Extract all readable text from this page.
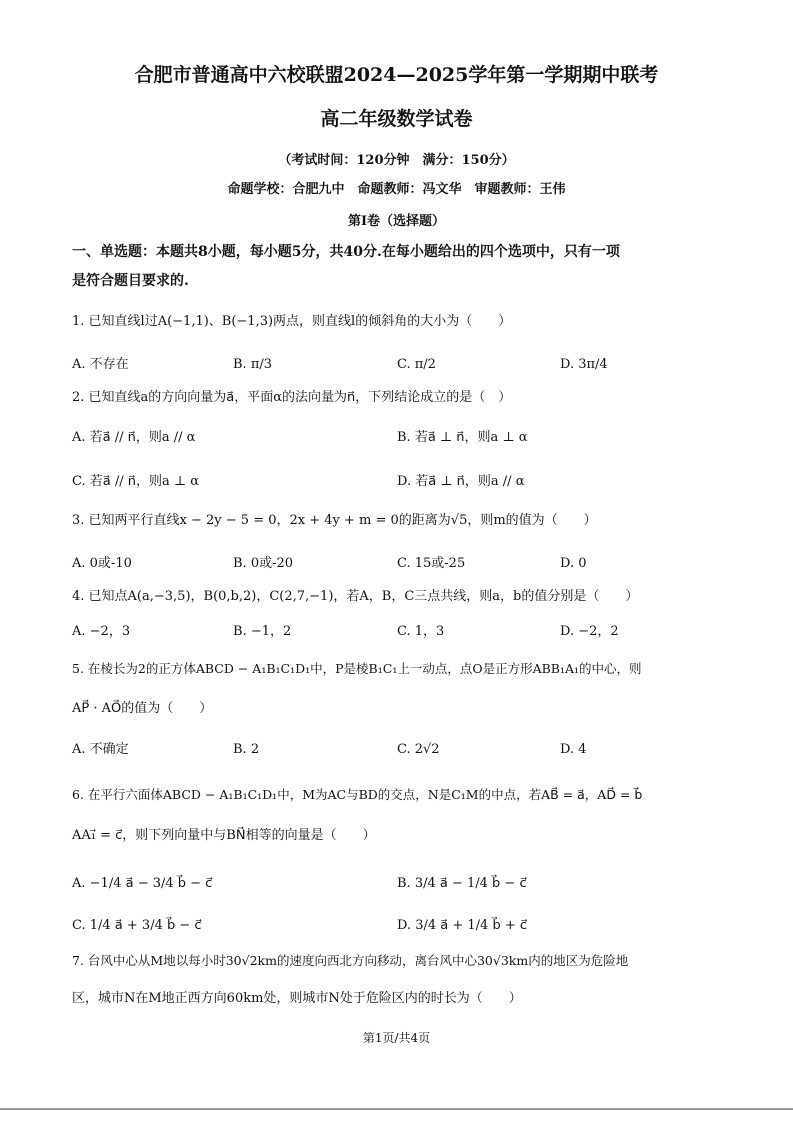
合肥市普通高中六校联盟2024—2025学年第一学期期中联考
高二年级数学试卷
（考试时间：120分钟　满分：150分）
命题学校：合肥九中　命题教师：冯文华　审题教师：王伟
第Ⅰ卷（选择题）
一、单选题：本题共8小题，每小题5分，共40分.在每小题给出的四个选项中，只有一项
是符合题目要求的.
1. 已知直线l过A(−1,1)、B(−1,3)两点，则直线l的倾斜角的大小为（　　）
A. 不存在	B. π/3	C. π/2	D. 3π/4
2. 已知直线a的方向向量为a⃗，平面α的法向量为n⃗，下列结论成立的是（　）
A. 若a⃗ // n⃗，则a // α	B. 若a⃗ ⊥ n⃗，则a ⊥ α
C. 若a⃗ // n⃗，则a ⊥ α	D. 若a⃗ ⊥ n⃗，则a // α
3. 已知两平行直线x − 2y − 5 = 0，2x + 4y + m = 0的距离为√5，则m的值为（　　）
A. 0或-10	B. 0或-20	C. 15或-25	D. 0
4. 已知点A(a,−3,5)，B(0,b,2)，C(2,7,−1)，若A，B，C三点共线，则a，b的值分别是（　　）
A. −2，3	B. −1，2	C. 1，3	D. −2，2
5. 在棱长为2的正方体ABCD − A₁B₁C₁D₁中，P是棱B₁C₁上一动点，点O是正方形ABB₁A₁的中心，则
AP⃗ · AO⃗的值为（　　）
A. 不确定	B. 2	C. 2√2	D. 4
6. 在平行六面体ABCD − A₁B₁C₁D₁中，M为AC与BD的交点，N是C₁M的中点，若AB⃗ = a⃗，AD⃗ = b⃗
AA₁⃗ = c⃗，则下列向量中与BN⃗相等的向量是（　　）
A. −1/4 a⃗ − 3/4 b⃗ − c⃗	B. 3/4 a⃗ − 1/4 b⃗ − c⃗
C. 1/4 a⃗ + 3/4 b⃗ − c⃗	D. 3/4 a⃗ + 1/4 b⃗ + c⃗
7. 台风中心从M地以每小时30√2km的速度向西北方向移动，离台风中心30√3km内的地区为危险地
区，城市N在M地正西方向60km处，则城市N处于危险区内的时长为（　　）
第1页/共4页
